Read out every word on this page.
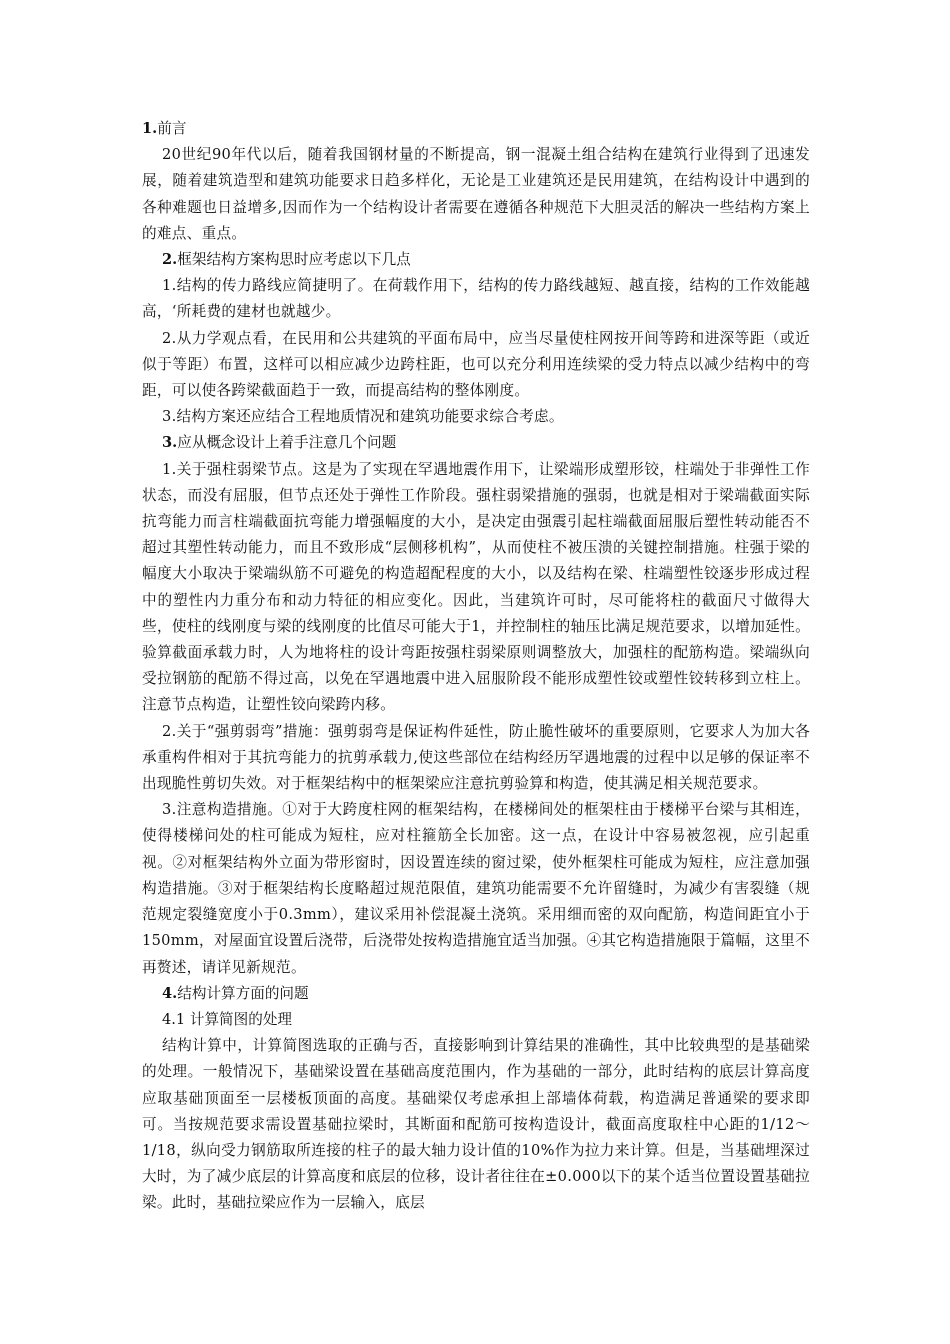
1.前言

20世纪90年代以后，随着我国钢材量的不断提高，钢一混凝土组合结构在建筑行业得到了迅速发展，随着建筑造型和建筑功能要求日趋多样化，无论是工业建筑还是民用建筑，在结构设计中遇到的各种难题也日益增多,因而作为一个结构设计者需要在遵循各种规范下大胆灵活的解决一些结构方案上的难点、重点。

2.框架结构方案构思时应考虑以下几点

1.结构的传力路线应简捷明了。在荷载作用下，结构的传力路线越短、越直接，结构的工作效能越高，‘所耗费的建材也就越少。

2.从力学观点看，在民用和公共建筑的平面布局中，应当尽量使柱网按开间等跨和进深等距（或近似于等距）布置，这样可以相应减少边跨柱距，也可以充分利用连续梁的受力特点以减少结构中的弯距，可以使各跨梁截面趋于一致，而提高结构的整体刚度。

3.结构方案还应结合工程地质情况和建筑功能要求综合考虑。

3.应从概念设计上着手注意几个问题

1.关于强柱弱梁节点。这是为了实现在罕遇地震作用下，让梁端形成塑形铰，柱端处于非弹性工作状态，而没有屈服，但节点还处于弹性工作阶段。强柱弱梁措施的强弱，也就是相对于梁端截面实际抗弯能力而言柱端截面抗弯能力增强幅度的大小，是决定由强震引起柱端截面屈服后塑性转动能否不超过其塑性转动能力，而且不致形成“层侧移机构”，从而使柱不被压溃的关键控制措施。柱强于梁的幅度大小取决于梁端纵筋不可避免的构造超配程度的大小，以及结构在梁、柱端塑性铰逐步形成过程中的塑性内力重分布和动力特征的相应变化。因此，当建筑许可时，尽可能将柱的截面尺寸做得大些，使柱的线刚度与梁的线刚度的比值尽可能大于1，并控制柱的轴压比满足规范要求，以增加延性。验算截面承载力时，人为地将柱的设计弯距按强柱弱梁原则调整放大，加强柱的配筋构造。梁端纵向受拉钢筋的配筋不得过高，以免在罕遇地震中进入屈服阶段不能形成塑性铰或塑性铰转移到立柱上。注意节点构造，让塑性铰向梁跨内移。

2.关于“强剪弱弯”措施：强剪弱弯是保证构件延性，防止脆性破坏的重要原则，它要求人为加大各承重构件相对于其抗弯能力的抗剪承载力,使这些部位在结构经历罕遇地震的过程中以足够的保证率不出现脆性剪切失效。对于框架结构中的框架梁应注意抗剪验算和构造，使其满足相关规范要求。

3.注意构造措施。①对于大跨度柱网的框架结构，在楼梯间处的框架柱由于楼梯平台梁与其相连，使得楼梯问处的柱可能成为短柱，应对柱箍筋全长加密。这一点，在设计中容易被忽视，应引起重视。②对框架结构外立面为带形窗时，因设置连续的窗过梁，使外框架柱可能成为短柱，应注意加强构造措施。③对于框架结构长度略超过规范限值，建筑功能需要不允许留缝时，为减少有害裂缝（规范规定裂缝宽度小于0.3mm），建议采用补偿混凝土浇筑。采用细而密的双向配筋，构造间距宜小于 150mm，对屋面宜设置后浇带，后浇带处按构造措施宜适当加强。④其它构造措施限于篇幅，这里不再赘述，请详见新规范。

4.结构计算方面的问题

4.1 计算简图的处理

结构计算中，计算简图选取的正确与否，直接影响到计算结果的准确性，其中比较典型的是基础梁的处理。一般情况下，基础梁设置在基础高度范围内，作为基础的一部分，此时结构的底层计算高度应取基础顶面至一层楼板顶面的高度。基础梁仅考虑承担上部墙体荷载，构造满足普通梁的要求即可。当按规范要求需设置基础拉梁时，其断面和配筋可按构造设计，截面高度取柱中心距的1/12～1/18，纵向受力钢筋取所连接的柱子的最大轴力设计值的10%作为拉力来计算。但是，当基础埋深过大时，为了减少底层的计算高度和底层的位移，设计者往往在±0.000以下的某个适当位置设置基础拉梁。此时，基础拉梁应作为一层输入，底层
